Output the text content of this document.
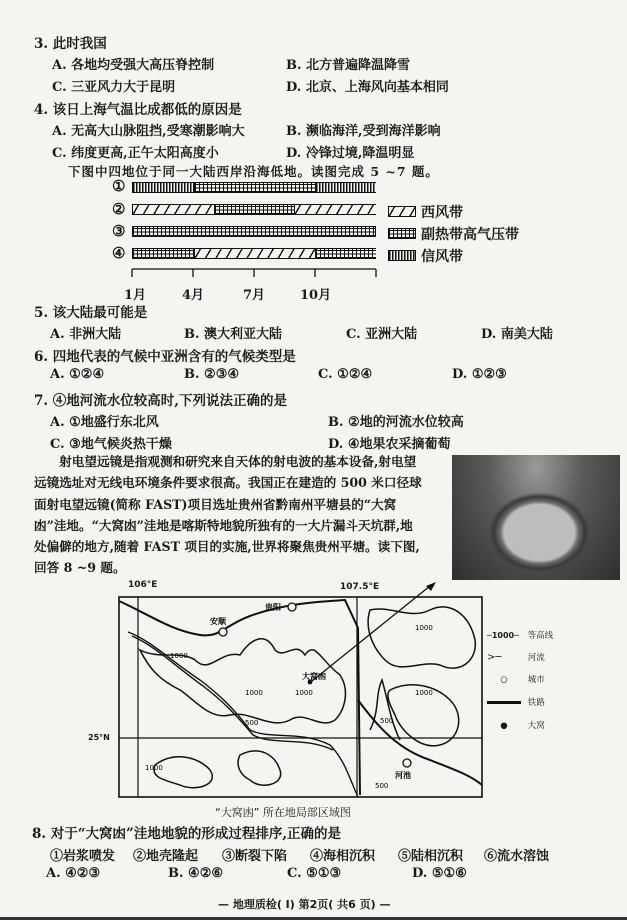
3. 此时我国
A. 各地均受强大高压脊控制	B. 北方普遍降温降雪
C. 三亚风力大于昆明	D. 北京、上海风向基本相同
4. 该日上海气温比成都低的原因是
A. 无高大山脉阻挡,受寒潮影响大	B. 濒临海洋,受到海洋影响
C. 纬度更高,正午太阳高度小	D. 冷锋过境,降温明显
下图中四地位于同一大陆西岸沿海低地。读图完成 5 ~7 题。
①
②
③
④
西风带
副热带高气压带
信风带
1月	4月	7月	10月
5. 该大陆最可能是
A. 非洲大陆	B. 澳大利亚大陆	C. 亚洲大陆	D. 南美大陆
6. 四地代表的气候中亚洲含有的气候类型是
A. ①②④	B. ②③④	C. ①②④	D. ①②③
7. ④地河流水位较高时,下列说法正确的是
A. ①地盛行东北风	B. ②地的河流水位较高
C. ③地气候炎热干燥	D. ④地果农采摘葡萄

射电望远镜是指观测和研究来自天体的射电波的基本设备,射电望远镜选址对无线电环境条件要求很高。我国正在建造的 500 米口径球面射电望远镜(简称 FAST)项目选址贵州省黔南州平塘县的“大窝凼”洼地。“大窝凼”洼地是喀斯特地貌所独有的一大片漏斗天坑群,地处偏僻的地方,随着 FAST 项目的实施,世界将聚焦贵州平塘。读下图,回答 8 ~9 题。

106°E	107.5°E
25°N
贵阳
安顺
河池
大窝凼
1000
1000	1000
1000
1000
1000
500	500
500
─1000─ 等高线
>─	河流
○ 城市
铁路
● 大窝
“大窝凼” 所在地局部区域图
8. 对于“大窝凼”洼地地貌的形成过程排序,正确的是
①岩浆喷发 ②地壳隆起 ③断裂下陷 ④海相沉积 ⑤陆相沉积 ⑥流水溶蚀
A. ④②③	B. ④②⑥	C. ⑤①③	D. ⑤①⑥
— 地理质检( Ⅰ) 第2页( 共6 页) —
